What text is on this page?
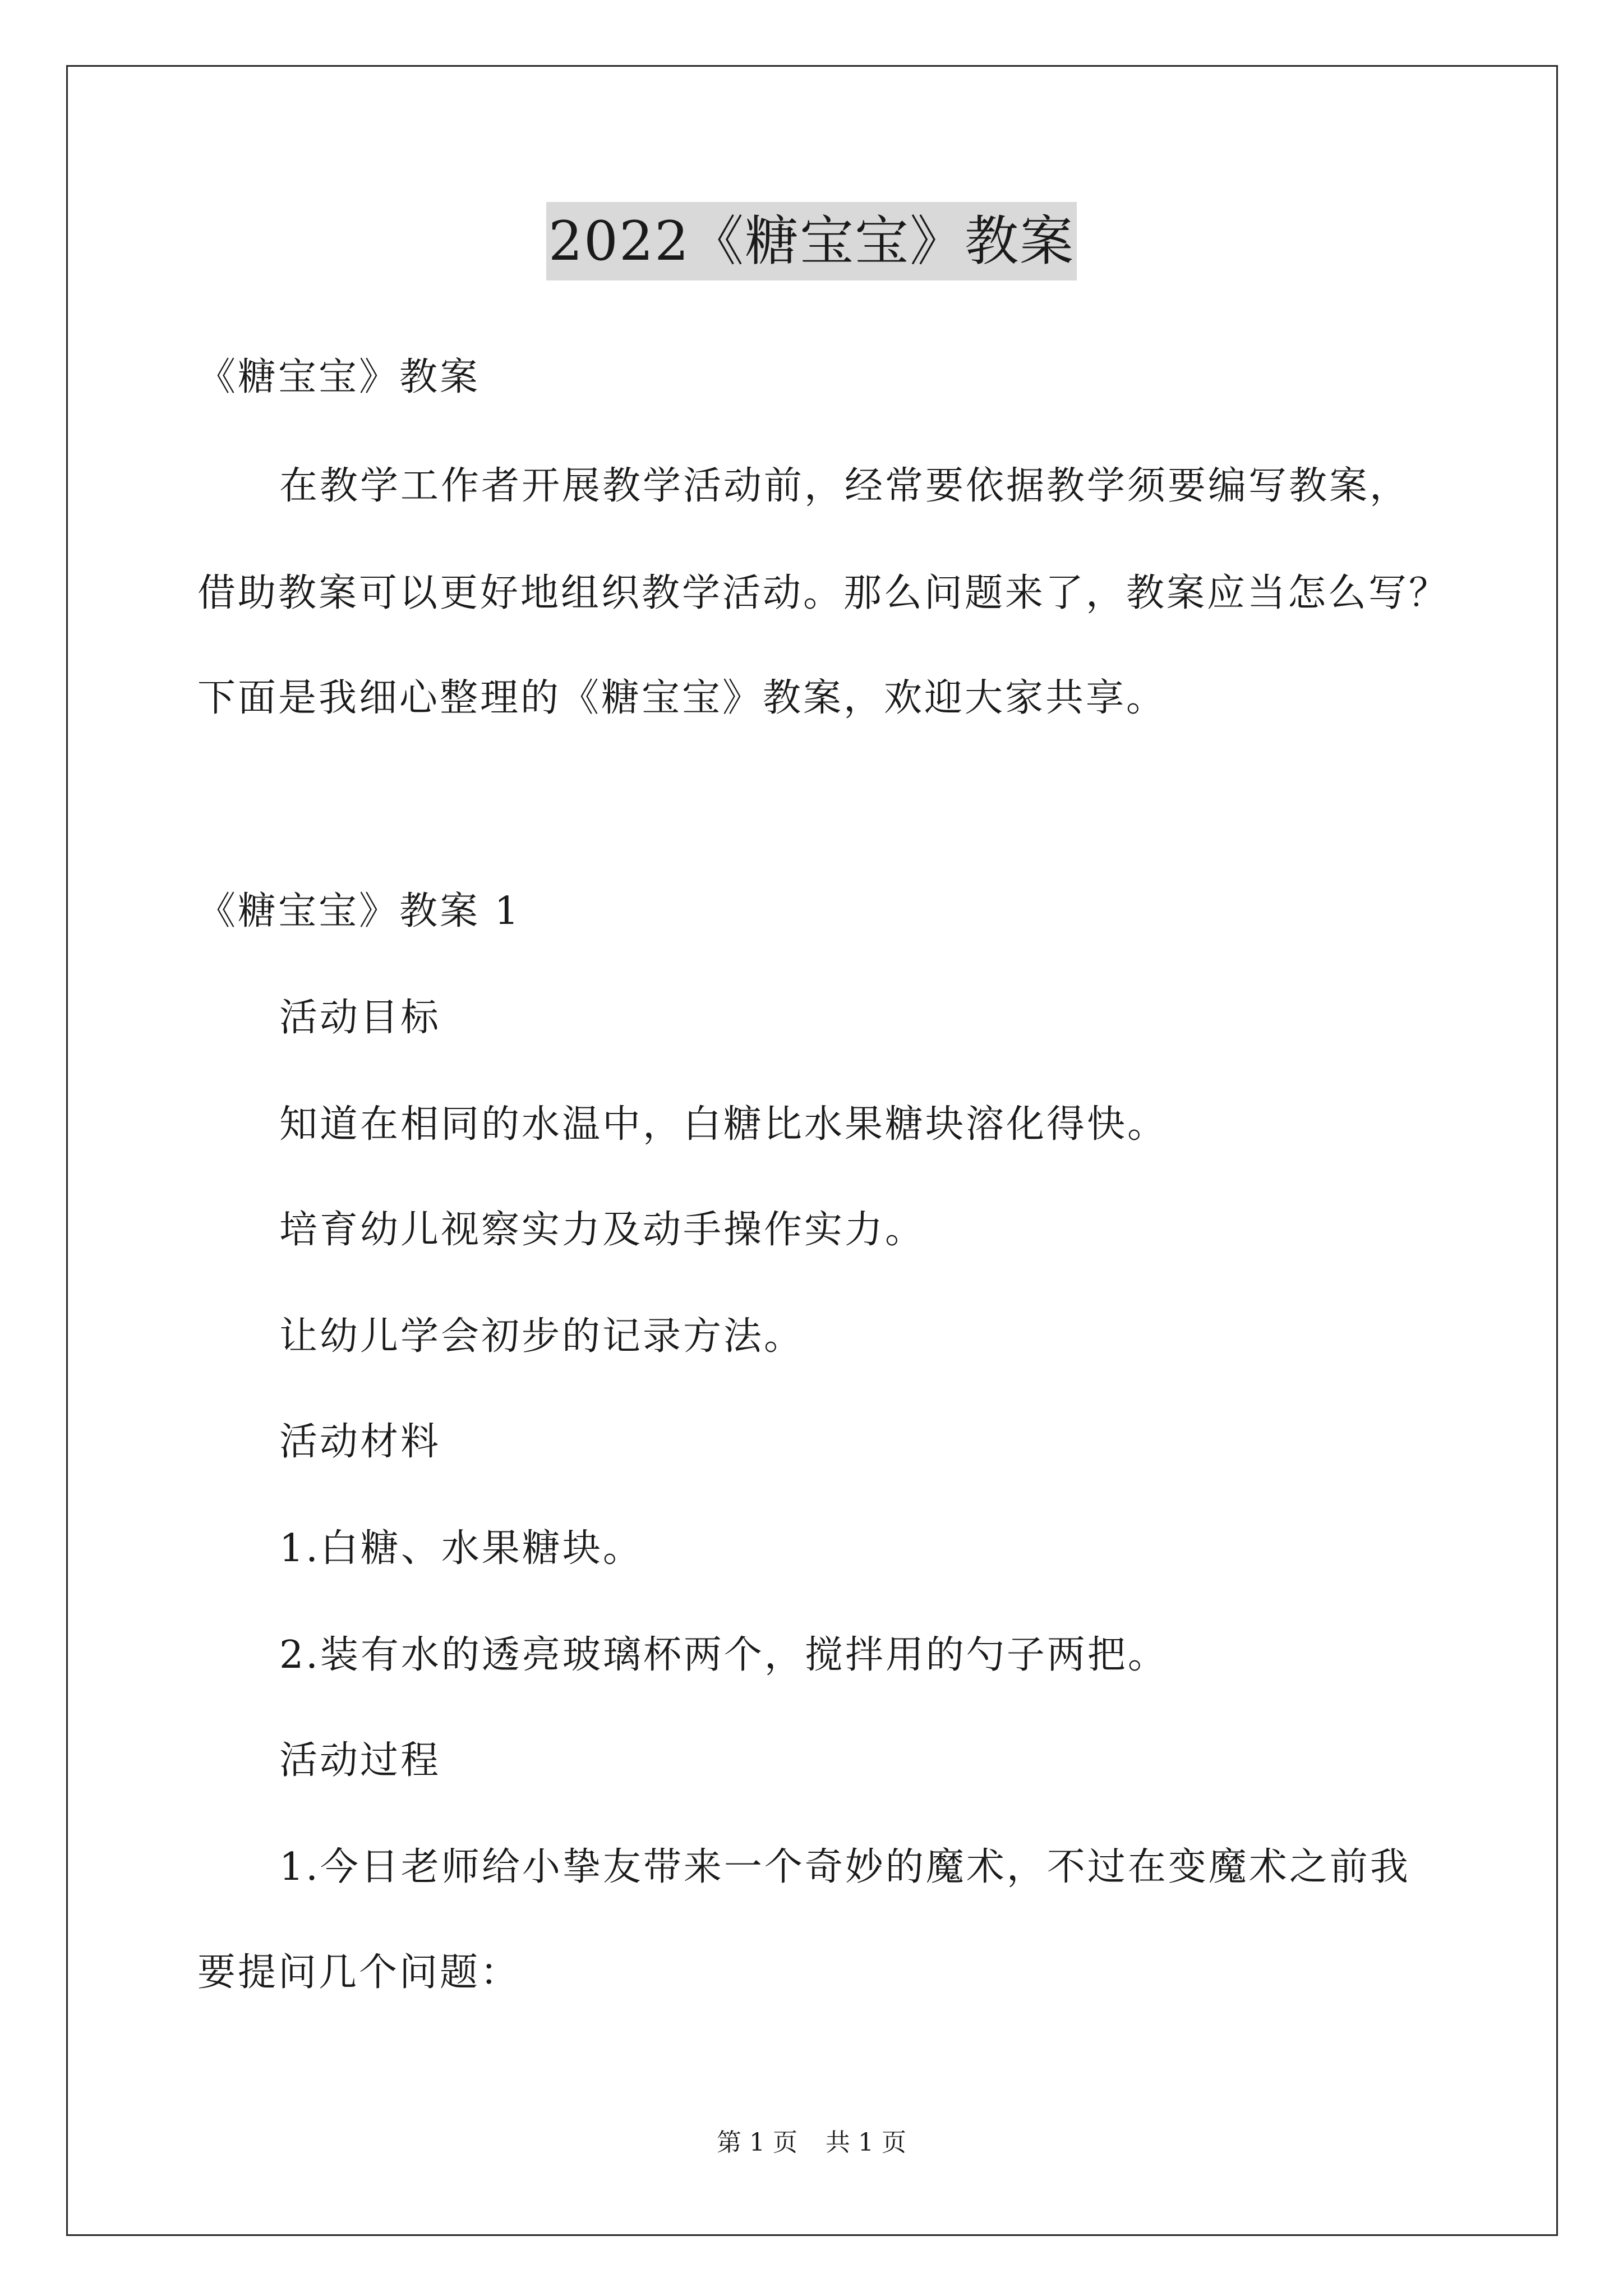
2022《糖宝宝》教案
《糖宝宝》教案
在教学工作者开展教学活动前，经常要依据教学须要编写教案，
借助教案可以更好地组织教学活动。那么问题来了，教案应当怎么写？
下面是我细心整理的《糖宝宝》教案，欢迎大家共享。
《糖宝宝》教案 1
活动目标
知道在相同的水温中，白糖比水果糖块溶化得快。
培育幼儿视察实力及动手操作实力。
让幼儿学会初步的记录方法。
活动材料
1.白糖、水果糖块。
2.装有水的透亮玻璃杯两个，搅拌用的勺子两把。
活动过程
1.今日老师给小挚友带来一个奇妙的魔术，不过在变魔术之前我
要提问几个问题：
第 1 页 共 1 页
